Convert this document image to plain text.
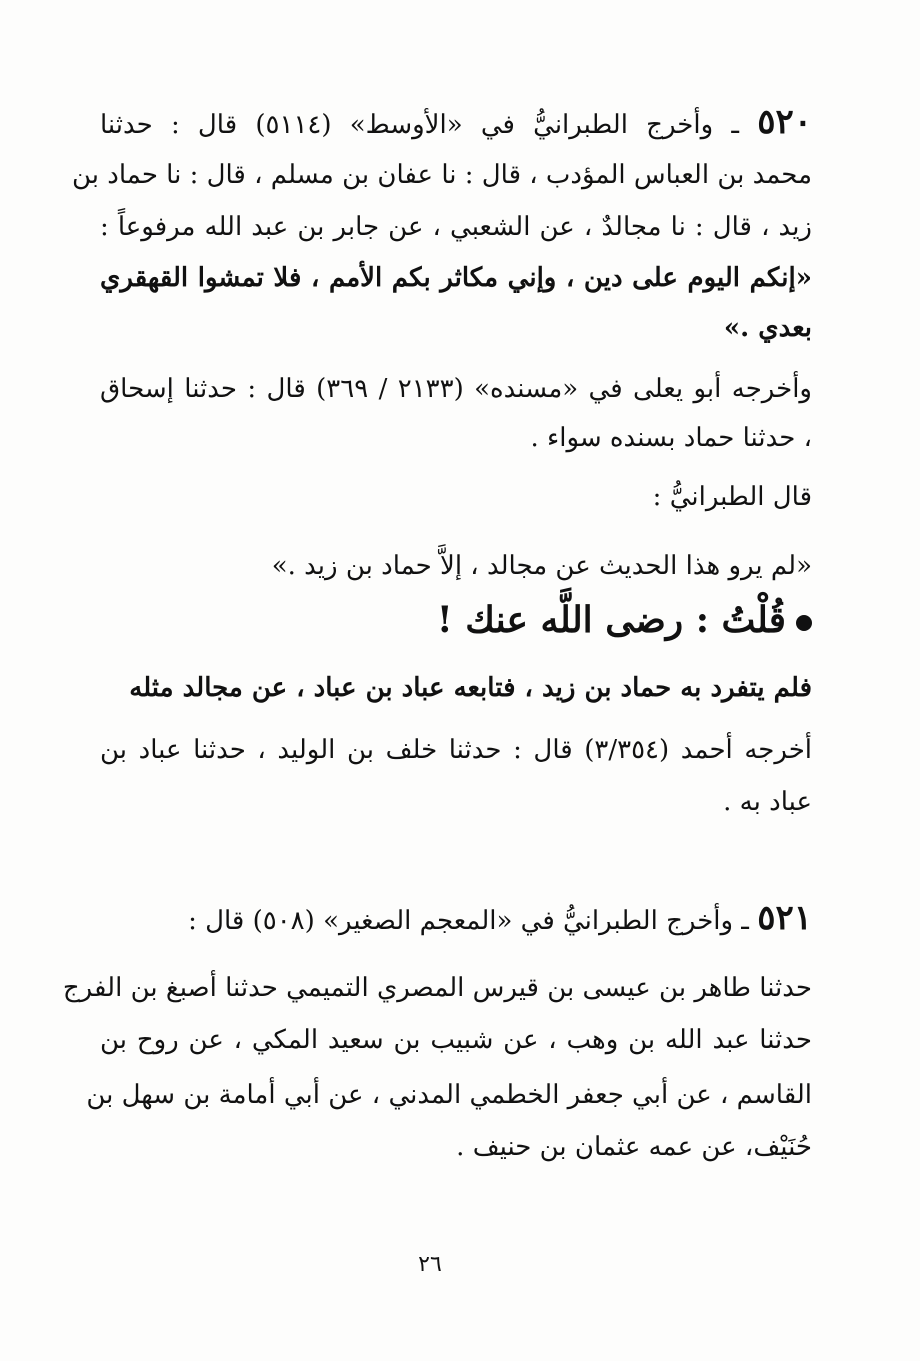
٥٢٠ ـ وأخرج الطبرانيُّ في «الأوسط» (٥١١٤) قال : حدثنا
محمد بن العباس المؤدب ، قال : نا عفان بن مسلم ، قال : نا حماد بن
زيد ، قال : نا مجالدٌ ، عن الشعبي ، عن جابر بن عبد الله مرفوعاً :
«إنكم اليوم على دين ، وإني مكاثر بكم الأمم ، فلا تمشوا القهقري
بعدي .»
وأخرجه أبو يعلى في «مسنده» (٢١٣٣ / ٣٦٩) قال : حدثنا إسحاق
، حدثنا حماد بسنده سواء .
قال الطبرانيُّ :
«لم يرو هذا الحديث عن مجالد ، إلاَّ حماد بن زيد .»
قُلْتُ : رضى اللَّه عنك !
فلم يتفرد به حماد بن زيد ، فتابعه عباد بن عباد ، عن مجالد مثله
أخرجه أحمد (٣/٣٥٤) قال : حدثنا خلف بن الوليد ، حدثنا عباد بن
عباد به .
٥٢١ ـ وأخرج الطبرانيُّ في «المعجم الصغير» (٥٠٨) قال :
حدثنا طاهر بن عيسى بن قيرس المصري التميمي حدثنا أصبغ بن الفرج
حدثنا عبد الله بن وهب ، عن شبيب بن سعيد المكي ، عن روح بن
القاسم ، عن أبي جعفر الخطمي المدني ، عن أبي أمامة بن سهل بن
حُنَيْف، عن عمه عثمان بن حنيف .
٢٦
